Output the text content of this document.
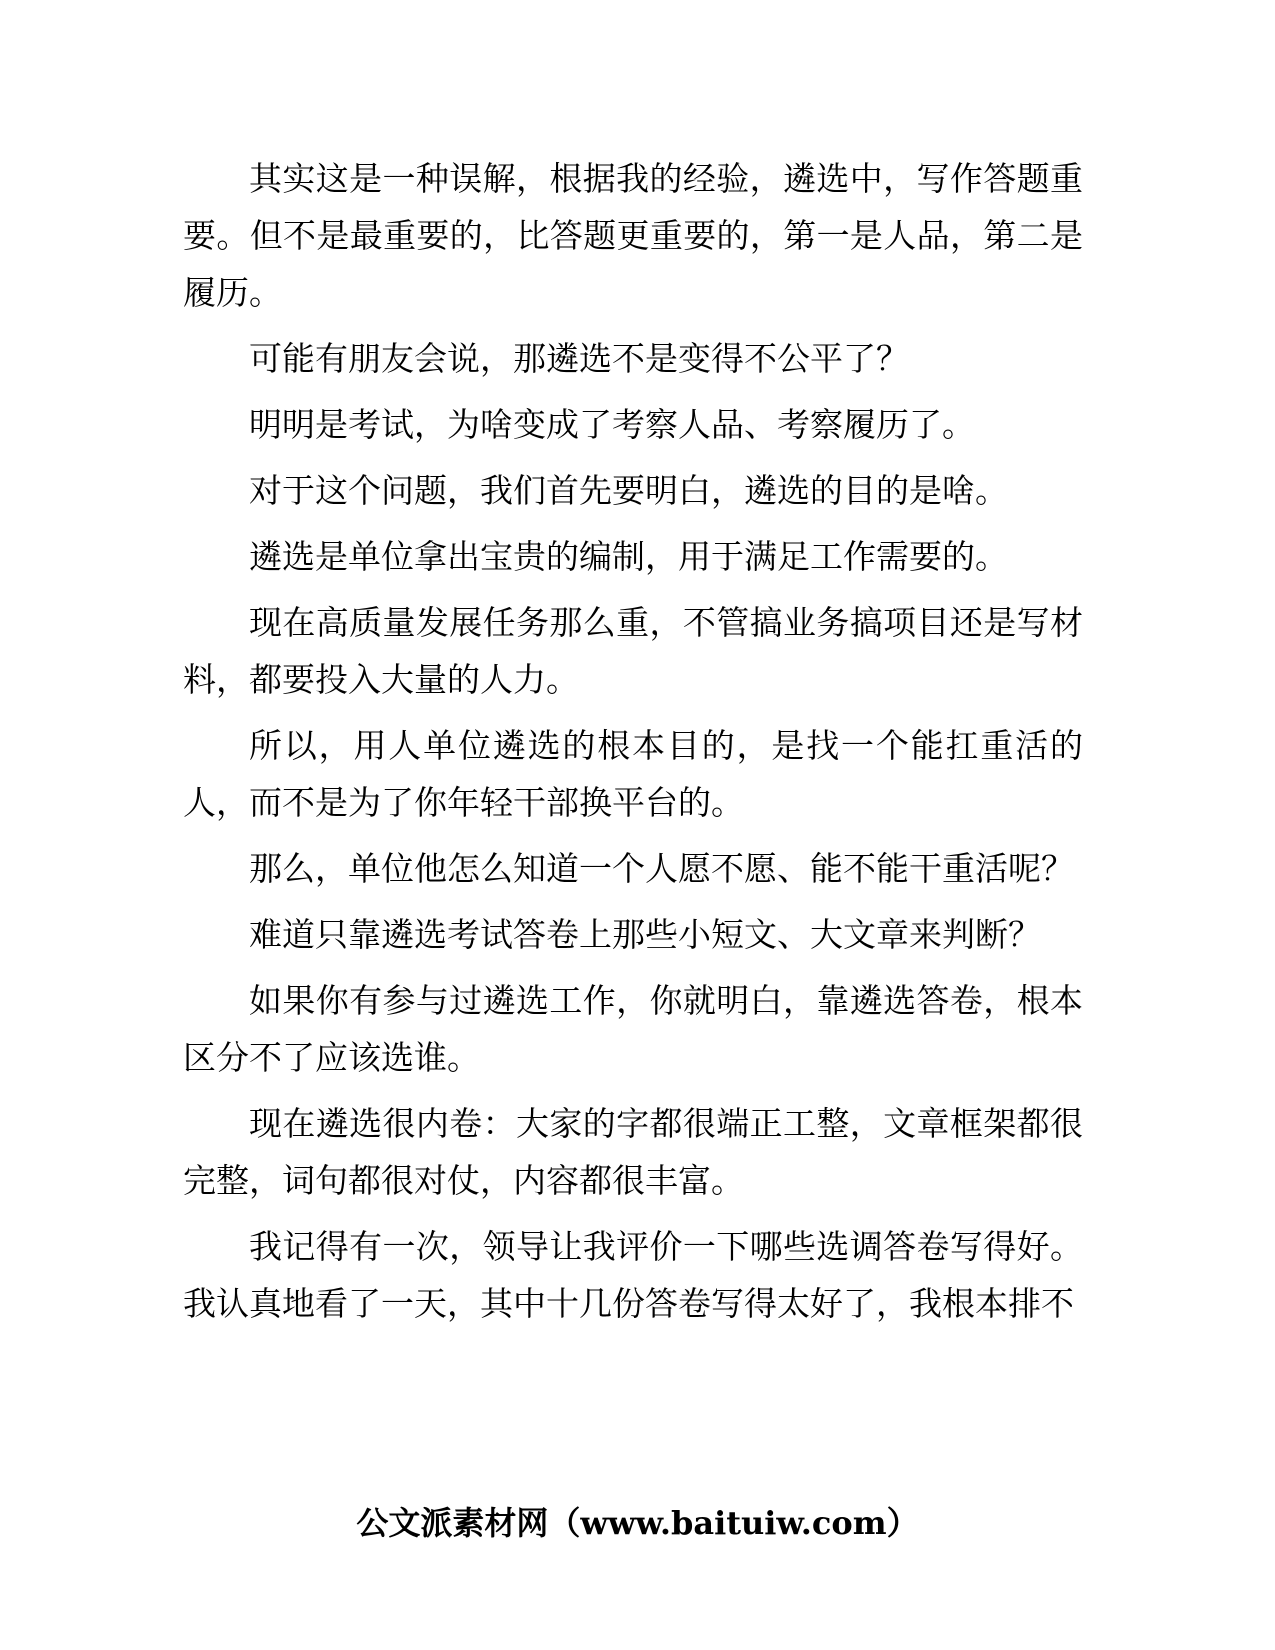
其实这是一种误解，根据我的经验，遴选中，写作答题重要。但不是最重要的，比答题更重要的，第一是人品，第二是履历。

可能有朋友会说，那遴选不是变得不公平了？

明明是考试，为啥变成了考察人品、考察履历了。

对于这个问题，我们首先要明白，遴选的目的是啥。

遴选是单位拿出宝贵的编制，用于满足工作需要的。

现在高质量发展任务那么重，不管搞业务搞项目还是写材料，都要投入大量的人力。

所以，用人单位遴选的根本目的，是找一个能扛重活的人，而不是为了你年轻干部换平台的。

那么，单位他怎么知道一个人愿不愿、能不能干重活呢？

难道只靠遴选考试答卷上那些小短文、大文章来判断？

如果你有参与过遴选工作，你就明白，靠遴选答卷，根本区分不了应该选谁。

现在遴选很内卷：大家的字都很端正工整，文章框架都很完整，词句都很对仗，内容都很丰富。

我记得有一次，领导让我评价一下哪些选调答卷写得好。我认真地看了一天，其中十几份答卷写得太好了，我根本排不

公文派素材网（www.baituiw.com）
